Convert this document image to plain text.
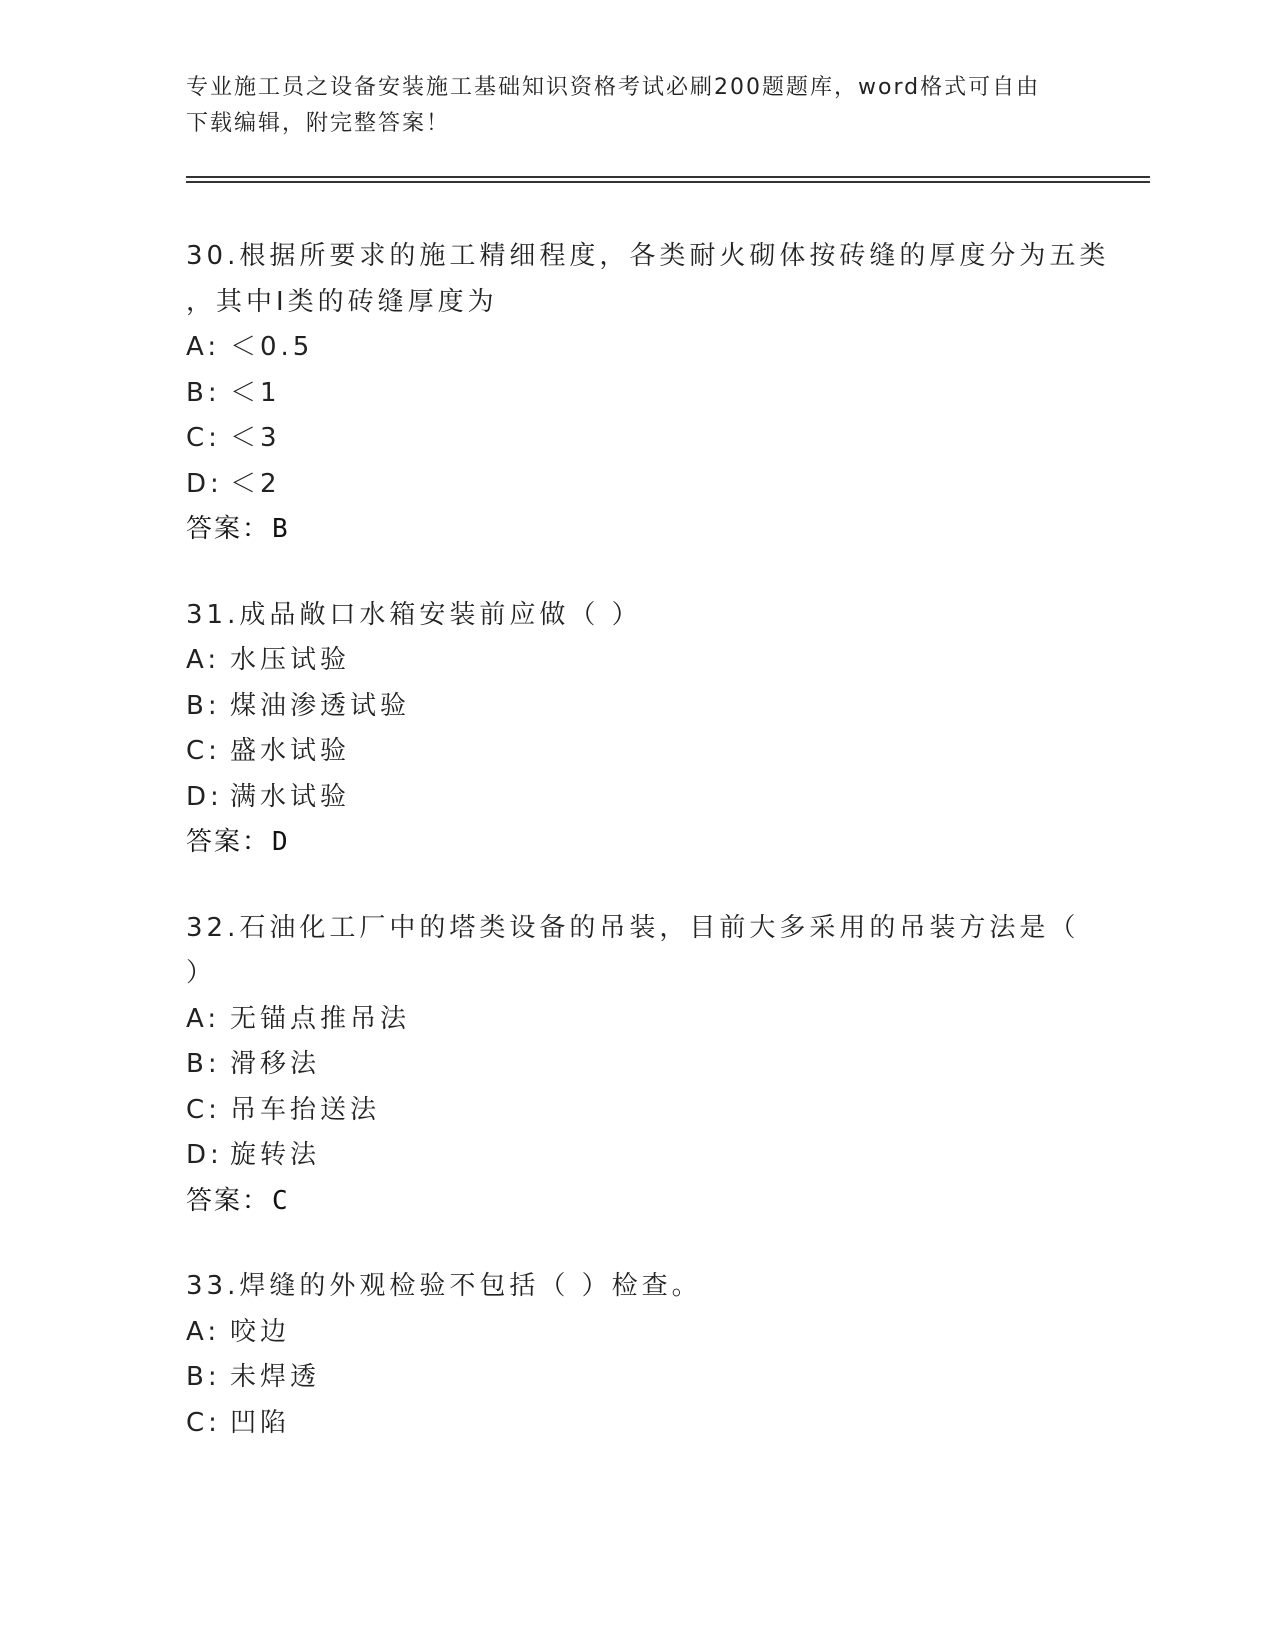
专业施工员之设备安装施工基础知识资格考试必刷200题题库，word格式可自由
下载编辑，附完整答案！
30.根据所要求的施工精细程度，各类耐火砌体按砖缝的厚度分为五类
，其中Ⅰ类的砖缝厚度为
A: ＜0.5
B: ＜1
C: ＜3
D: ＜2
答案：B
31.成品敞口水箱安装前应做（ ）
A: 水压试验
B: 煤油渗透试验
C: 盛水试验
D: 满水试验
答案：D
32.石油化工厂中的塔类设备的吊装，目前大多采用的吊装方法是（
）
A: 无锚点推吊法
B: 滑移法
C: 吊车抬送法
D: 旋转法
答案：C
33.焊缝的外观检验不包括（ ）检查。
A: 咬边
B: 未焊透
C: 凹陷
